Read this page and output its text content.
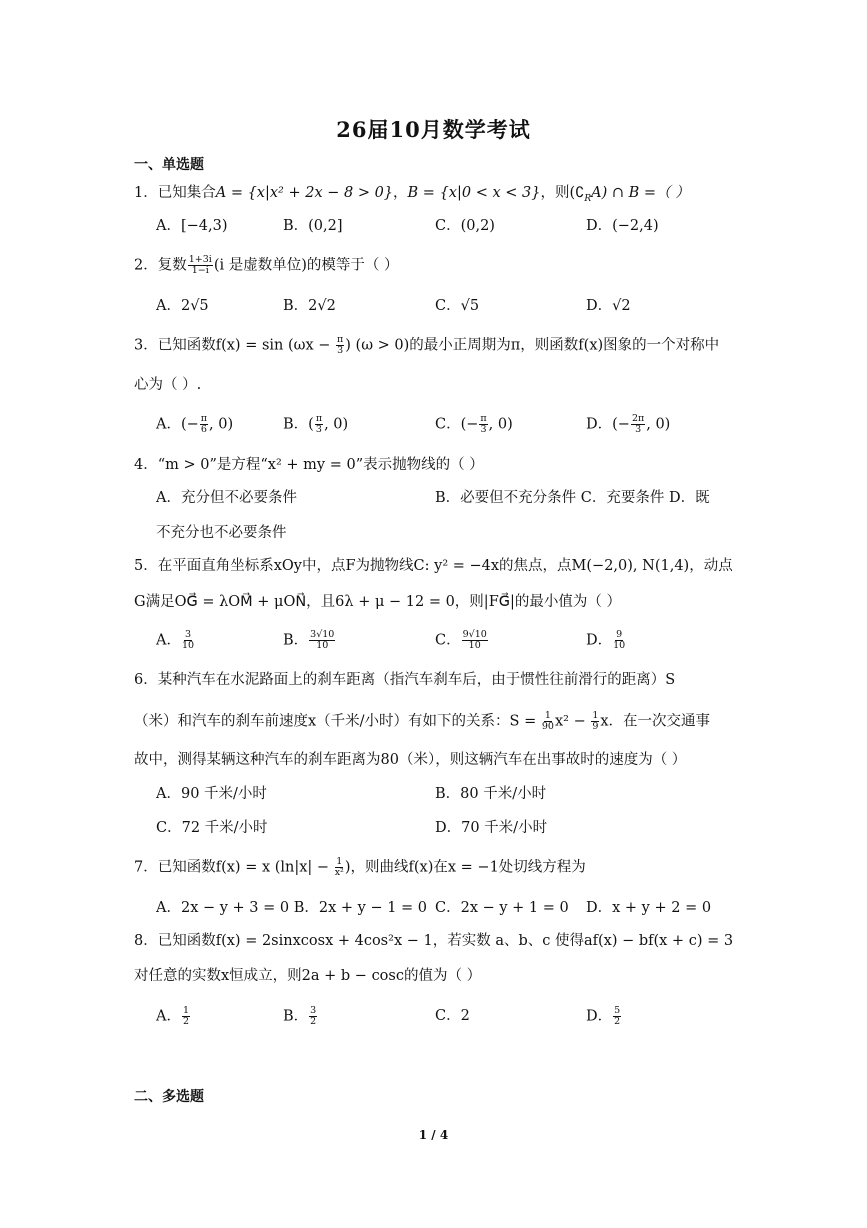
26届10月数学考试
一、单选题
1．已知集合A = {x|x² + 2x − 8 > 0}，B = {x|0 < x < 3}，则$(∁_RA)$ ∩ B =（ ）
A．[−4,3)	B．(0,2]	C．(0,2)	D．(−2,4)
2．复数 $\frac{1+3i}{1-i} (i$ 是虚数单位)的模等于（ ）
A．2√5	B．2√2	C．√5	D．√2
3．已知函数$f(x) = \sin (\omega x - \frac{\pi}{3}$ ) (ω > 0)的最小正周期为π，则函数f(x)图象的一个对称中
心为（ ）.
A．(− $\frac{\pi}{6}$ , 0)	B．( $\frac{\pi}{3}$ , 0)	C．(− $\frac{\pi}{3}$ , 0)	D．(− $\frac{2\pi}{3}$ , 0)
4．“m > 0”是方程“x² + my = 0”表示抛物线的（ ）
A．充分但不必要条件	B．必要但不充分条件 C．充要条件 D．既
不充分也不必要条件
5．在平面直角坐标系xOy中，点F为抛物线C: y² = −4x的焦点，点M(−2,0), N(1,4)，动点
G满足OG⃗ = λOM⃗ + μON⃗，且6λ + μ − 12 = 0，则|FG⃗|的最小值为（ ）
A． $\frac{3}{10}$	B． $\frac{3√10}{10}$	C． $\frac{9√10}{10}$	D． $\frac{9}{10}$
6．某种汽车在水泥路面上的刹车距离（指汽车刹车后，由于惯性往前滑行的距离）S
（米）和汽车的刹车前速度x（千米/小时）有如下的关系：$S = \frac{1}{90} x^2 - \frac{1}{9}$ x．在一次交通事
故中，测得某辆这种汽车的刹车距离为80（米），则这辆汽车在出事故时的速度为（ ）
A．90 千米/小时	B．80 千米/小时
C．72 千米/小时	D．70 千米/小时
7．已知函数f(x) = x ($\ln|x| - \frac{1}{\text{x²}}$ )，则曲线f(x)在x = −1处切线方程为
A．2x − y + 3 = 0 B．2x + y − 1 = 0 C．2x − y + 1 = 0 D．x + y + 2 = 0
8．已知函数f(x) = 2sinxcosx + 4cos²x − 1，若实数 a、b、c 使得af(x) − bf(x + c) = 3
对任意的实数x恒成立，则2a + b − cosc的值为（ ）
A． $\frac{1}{2}$	B． $\frac{3}{2}$	C．2	D． $\frac{5}{2}$
二、多选题
1 / 4
